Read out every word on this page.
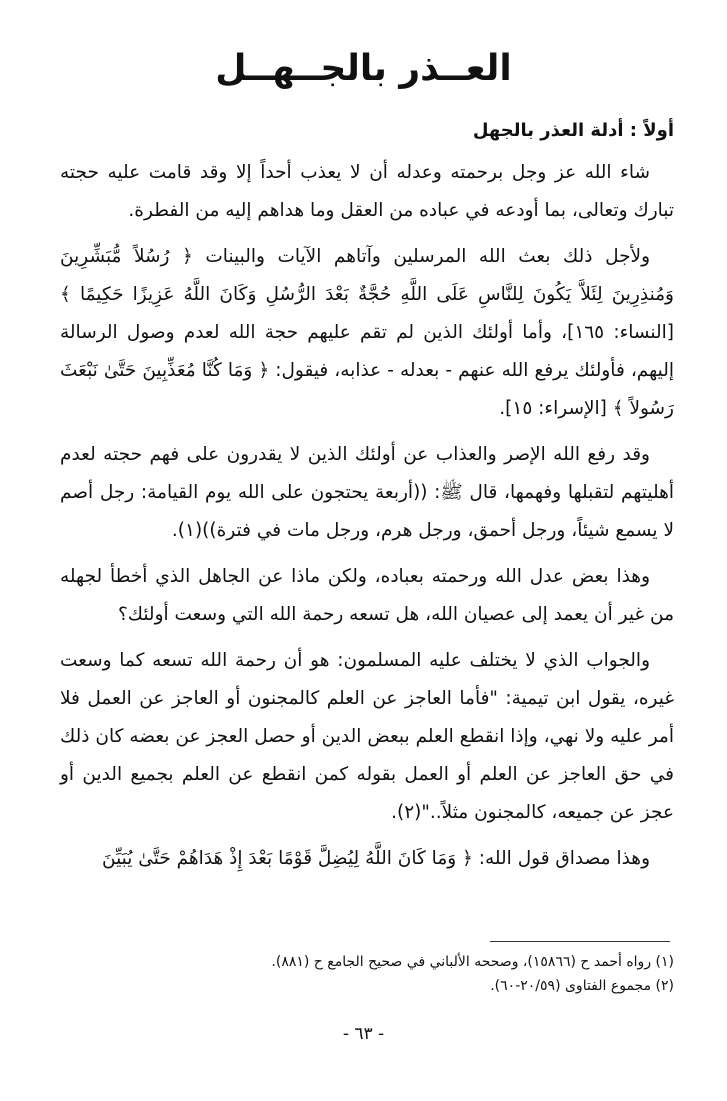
العــذر بالجــهــل

أولاً : أدلة العذر بالجهل

شاء الله عز وجل برحمته وعدله أن لا يعذب أحداً إلا وقد قامت عليه حجته تبارك وتعالى، بما أودعه في عباده من العقل وما هداهم إليه من الفطرة.

ولأجل ذلك بعث الله المرسلين وآتاهم الآيات والبينات ﴿ رُسُلاً مُّبَشِّرِينَ وَمُنذِرِينَ لِئَلاَّ يَكُونَ لِلنَّاسِ عَلَى اللَّهِ حُجَّةٌ بَعْدَ الرُّسُلِ وَكَانَ اللَّهُ عَزِيزًا حَكِيمًا ﴾ [النساء: ١٦٥]، وأما أولئك الذين لم تقم عليهم حجة الله لعدم وصول الرسالة إليهم، فأولئك يرفع الله عنهم - بعدله - عذابه، فيقول: ﴿ وَمَا كُنَّا مُعَذِّبِينَ حَتَّىٰ نَبْعَثَ رَسُولاً ﴾ [الإسراء: ١٥].

وقد رفع الله الإصر والعذاب عن أولئك الذين لا يقدرون على فهم حجته لعدم أهليتهم لتقبلها وفهمها، قال ﷺ: ((أربعة يحتجون على الله يوم القيامة: رجل أصم لا يسمع شيئاً، ورجل أحمق، ورجل هرم، ورجل مات في فترة))(١).

وهذا بعض عدل الله ورحمته بعباده، ولكن ماذا عن الجاهل الذي أخطأ لجهله من غير أن يعمد إلى عصيان الله، هل تسعه رحمة الله التي وسعت أولئك؟

والجواب الذي لا يختلف عليه المسلمون: هو أن رحمة الله تسعه كما وسعت غيره، يقول ابن تيمية: "فأما العاجز عن العلم كالمجنون أو العاجز عن العمل فلا أمر عليه ولا نهي، وإذا انقطع العلم ببعض الدين أو حصل العجز عن بعضه كان ذلك في حق العاجز عن العلم أو العمل بقوله كمن انقطع عن العلم بجميع الدين أو عجز عن جميعه، كالمجنون مثلاً.."(٢).

وهذا مصداق قول الله: ﴿ وَمَا كَانَ اللَّهُ لِيُضِلَّ قَوْمًا بَعْدَ إِذْ هَدَاهُمْ حَتَّىٰ يُبَيِّنَ

(١) رواه أحمد ح (١٥٨٦٦)، وصححه الألباني في صحيح الجامع ح (٨٨١).

(٢) مجموع الفتاوى (٢٠/٥٩-٦٠).

- ٦٣ -
